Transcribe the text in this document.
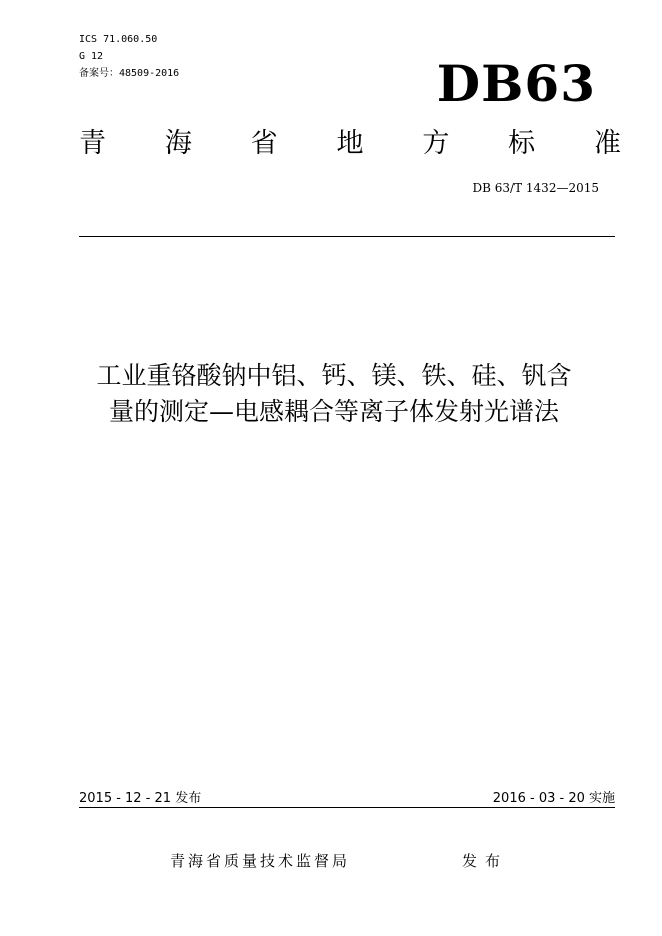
ICS 71.060.50
G 12
备案号：48509-2016	DB63
青 海 省 地 方 标 准
DB 63/T 1432—2015
工业重铬酸钠中铝、钙、镁、铁、硅、钒含
量的测定—电感耦合等离子体发射光谱法
2015 - 12 - 21 发布	2016 - 03 - 20 实施
青海省质量技术监督局	发布
